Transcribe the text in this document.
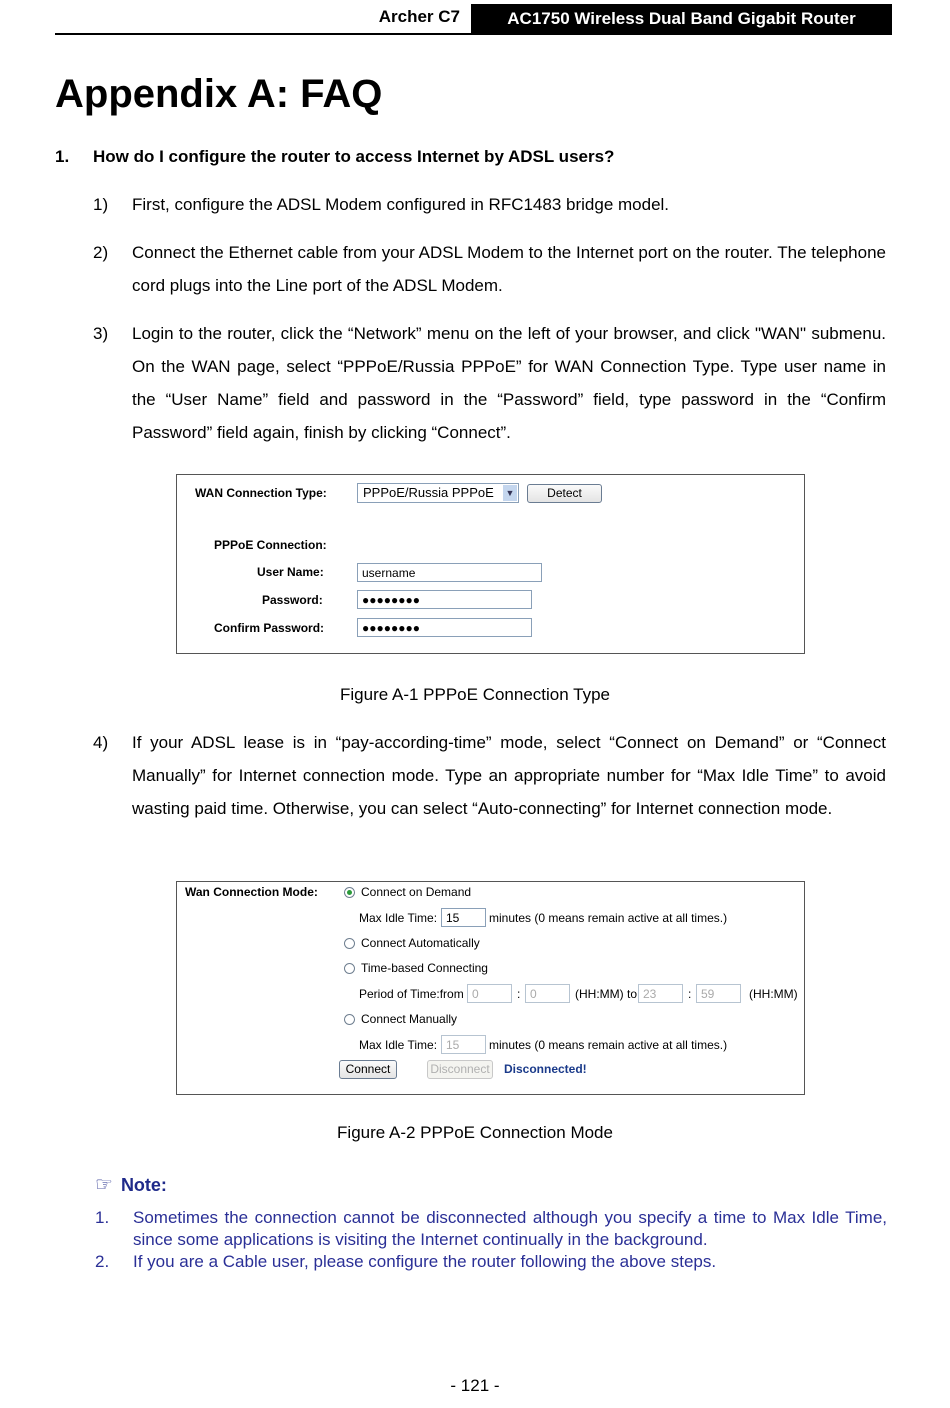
Archer C7	AC1750 Wireless Dual Band Gigabit Router
Appendix A: FAQ
1. How do I configure the router to access Internet by ADSL users?
1) First, configure the ADSL Modem configured in RFC1483 bridge model.
2) Connect the Ethernet cable from your ADSL Modem to the Internet port on the router. The telephone cord plugs into the Line port of the ADSL Modem.
3) Login to the router, click the “Network” menu on the left of your browser, and click "WAN" submenu. On the WAN page, select “PPPoE/Russia PPPoE” for WAN Connection Type. Type user name in the “User Name” field and password in the “Password” field, type password in the “Confirm Password” field again, finish by clicking “Connect”.
WAN Connection Type:	PPPoE/Russia PPPoE ▼	Detect
PPPoE Connection:
User Name:
username
Password:
●●●●●●●●
Confirm Password:
●●●●●●●●
Figure A-1 PPPoE Connection Type
4) If your ADSL lease is in “pay-according-time” mode, select “Connect on Demand” or “Connect Manually” for Internet connection mode. Type an appropriate number for “Max Idle Time” to avoid wasting paid time. Otherwise, you can select “Auto-connecting” for Internet connection mode.
Wan Connection Mode:	Connect on Demand
Max Idle Time:
15	minutes (0 means remain active at all times.)
Connect Automatically
Time-based Connecting
Period of Time:from
0	:
0	(HH:MM) to
23	:
59	(HH:MM)
Connect Manually
Max Idle Time:
15	minutes (0 means remain active at all times.)
Connect	Disconnect Disconnected!
Figure A-2 PPPoE Connection Mode
☞ Note:
1. Sometimes the connection cannot be disconnected although you specify a time to Max Idle Time, since some applications is visiting the Internet continually in the background.
2. If you are a Cable user, please configure the router following the above steps.
- 121 -
